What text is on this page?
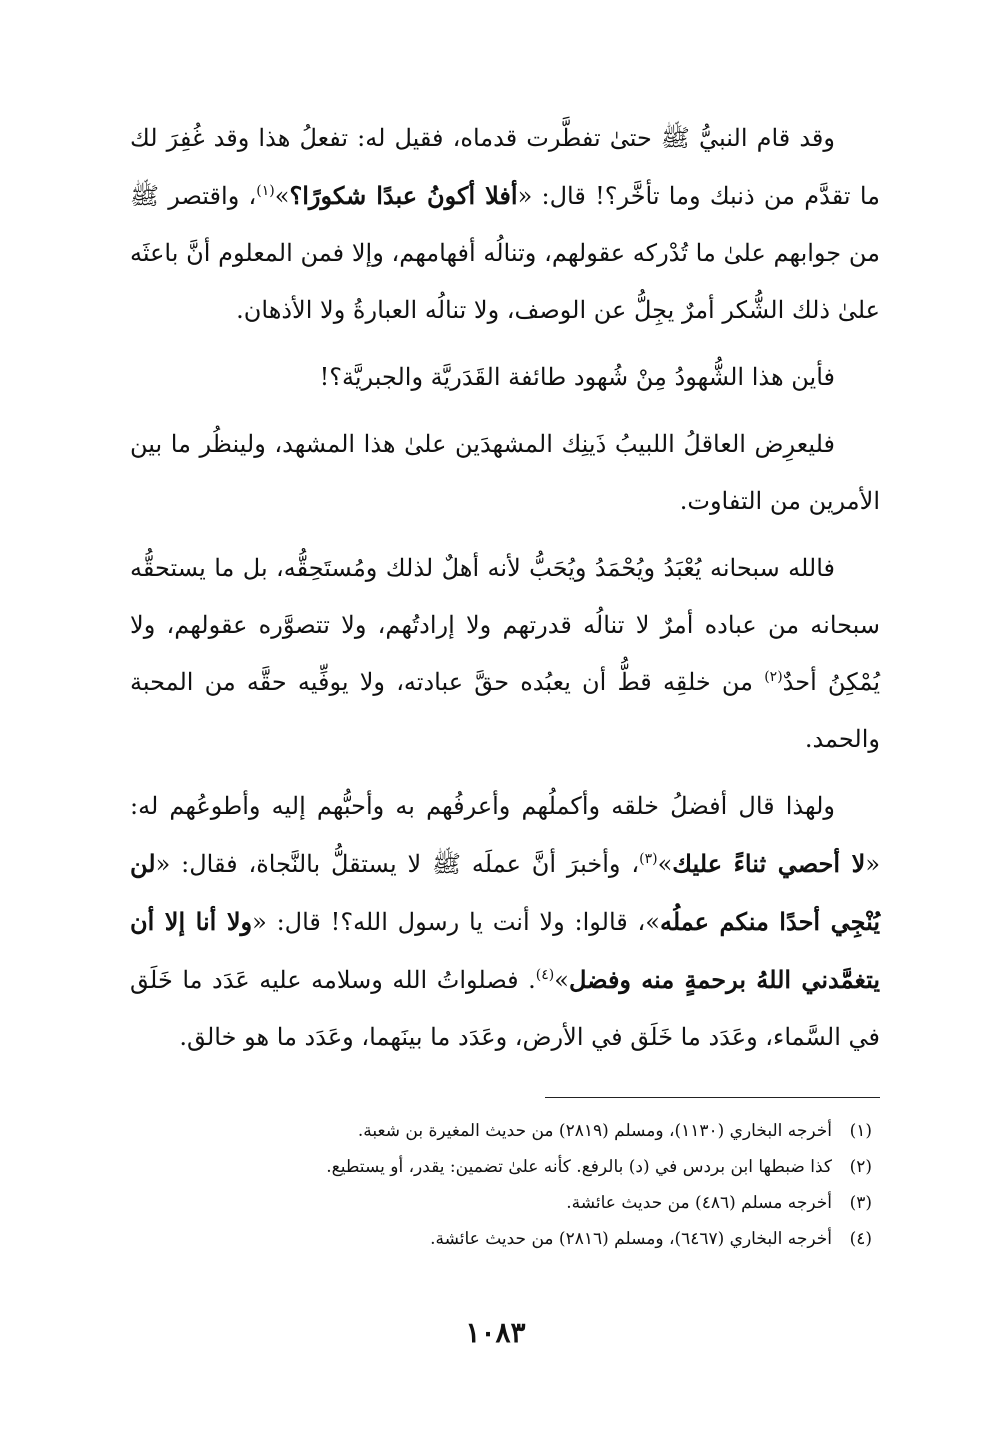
وقد قام النبيُّ ﷺ حتىٰ تفطَّرت قدماه، فقيل له: تفعلُ هذا وقد غُفِرَ لك ما تقدَّم من ذنبك وما تأخَّر؟! قال: «أفلا أكونُ عبدًا شكورًا؟»$^{(١)}$، واقتصر ﷺ من جوابهم علىٰ ما تُدْركه عقولهم، وتنالُه أفهامهم، وإلا فمن المعلوم أنَّ باعثَه علىٰ ذلك الشُّكر أمرٌ يجِلُّ عن الوصف، ولا تنالُه العبارةُ ولا الأذهان.

فأين هذا الشُّهودُ مِنْ شُهود طائفة القَدَريَّة والجبريَّة؟!

فليعرِض العاقلُ اللبيبُ ذَينِك المشهدَين علىٰ هذا المشهد، ولينظُر ما بين الأمرين من التفاوت.

فالله سبحانه يُعْبَدُ ويُحْمَدُ ويُحَبُّ لأنه أهلٌ لذلك ومُستَحِقُّه، بل ما يستحقُّه سبحانه من عباده أمرٌ لا تنالُه قدرتهم ولا إرادتُهم، ولا تتصوَّره عقولهم، ولا يُمْكِنُ أحدٌ$^{(٢)}$ من خلقِه قطُّ أن يعبُده حقَّ عبادته، ولا يوفِّيه حقَّه من المحبة والحمد.

ولهذا قال أفضلُ خلقه وأكملُهم وأعرفُهم به وأحبُّهم إليه وأطوعُهم له: «لا أحصي ثناءً عليك»$^{(٣)}$، وأخبرَ أنَّ عملَه ﷺ لا يستقلُّ بالنَّجاة، فقال: «لن يُنْجِي أحدًا منكم عملُه»، قالوا: ولا أنت يا رسول الله؟! قال: «ولا أنا إلا أن يتغمَّدني اللهُ برحمةٍ منه وفضل»$^{(٤)}$. فصلواتُ الله وسلامه عليه عَدَد ما خَلَق في السَّماء، وعَدَد ما خَلَق في الأرض، وعَدَد ما بينَهما، وعَدَد ما هو خالق.

(١)أخرجه البخاري (١١٣٠)، ومسلم (٢٨١٩) من حديث المغيرة بن شعبة.
(٢)كذا ضبطها ابن بردس في (د) بالرفع. كأنه علىٰ تضمين: يقدر، أو يستطيع.
(٣)أخرجه مسلم (٤٨٦) من حديث عائشة.
(٤)أخرجه البخاري (٦٤٦٧)، ومسلم (٢٨١٦) من حديث عائشة.
١٠٨٣
